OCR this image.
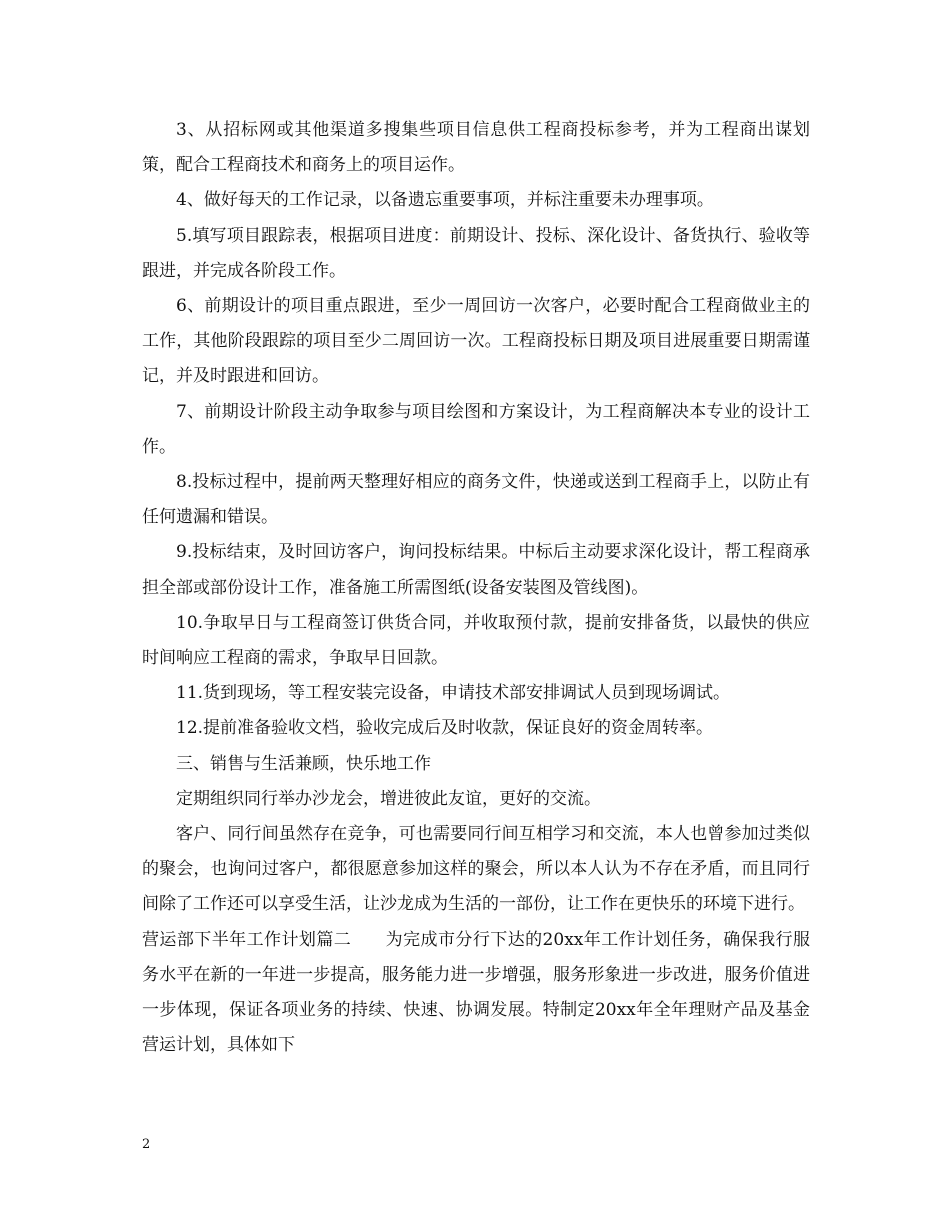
3、从招标网或其他渠道多搜集些项目信息供工程商投标参考，并为工程商出谋划策，配合工程商技术和商务上的项目运作。

4、做好每天的工作记录，以备遗忘重要事项，并标注重要未办理事项。

5.填写项目跟踪表，根据项目进度：前期设计、投标、深化设计、备货执行、验收等跟进，并完成各阶段工作。

6、前期设计的项目重点跟进，至少一周回访一次客户，必要时配合工程商做业主的工作，其他阶段跟踪的项目至少二周回访一次。工程商投标日期及项目进展重要日期需谨记，并及时跟进和回访。

7、前期设计阶段主动争取参与项目绘图和方案设计，为工程商解决本专业的设计工作。

8.投标过程中，提前两天整理好相应的商务文件，快递或送到工程商手上，以防止有任何遗漏和错误。

9.投标结束，及时回访客户，询问投标结果。中标后主动要求深化设计，帮工程商承担全部或部份设计工作，准备施工所需图纸(设备安装图及管线图)。

10.争取早日与工程商签订供货合同，并收取预付款，提前安排备货，以最快的供应时间响应工程商的需求，争取早日回款。

11.货到现场，等工程安装完设备，申请技术部安排调试人员到现场调试。

12.提前准备验收文档，验收完成后及时收款，保证良好的资金周转率。

三、销售与生活兼顾，快乐地工作

定期组织同行举办沙龙会，增进彼此友谊，更好的交流。

客户、同行间虽然存在竞争，可也需要同行间互相学习和交流，本人也曾参加过类似的聚会，也询问过客户，都很愿意参加这样的聚会，所以本人认为不存在矛盾，而且同行间除了工作还可以享受生活，让沙龙成为生活的一部份，让工作在更快乐的环境下进行。

营运部下半年工作计划篇二 为完成市分行下达的20xx年工作计划任务，确保我行服务水平在新的一年进一步提高，服务能力进一步增强，服务形象进一步改进，服务价值进一步体现，保证各项业务的持续、快速、协调发展。特制定20xx年全年理财产品及基金营运计划，具体如下

2
